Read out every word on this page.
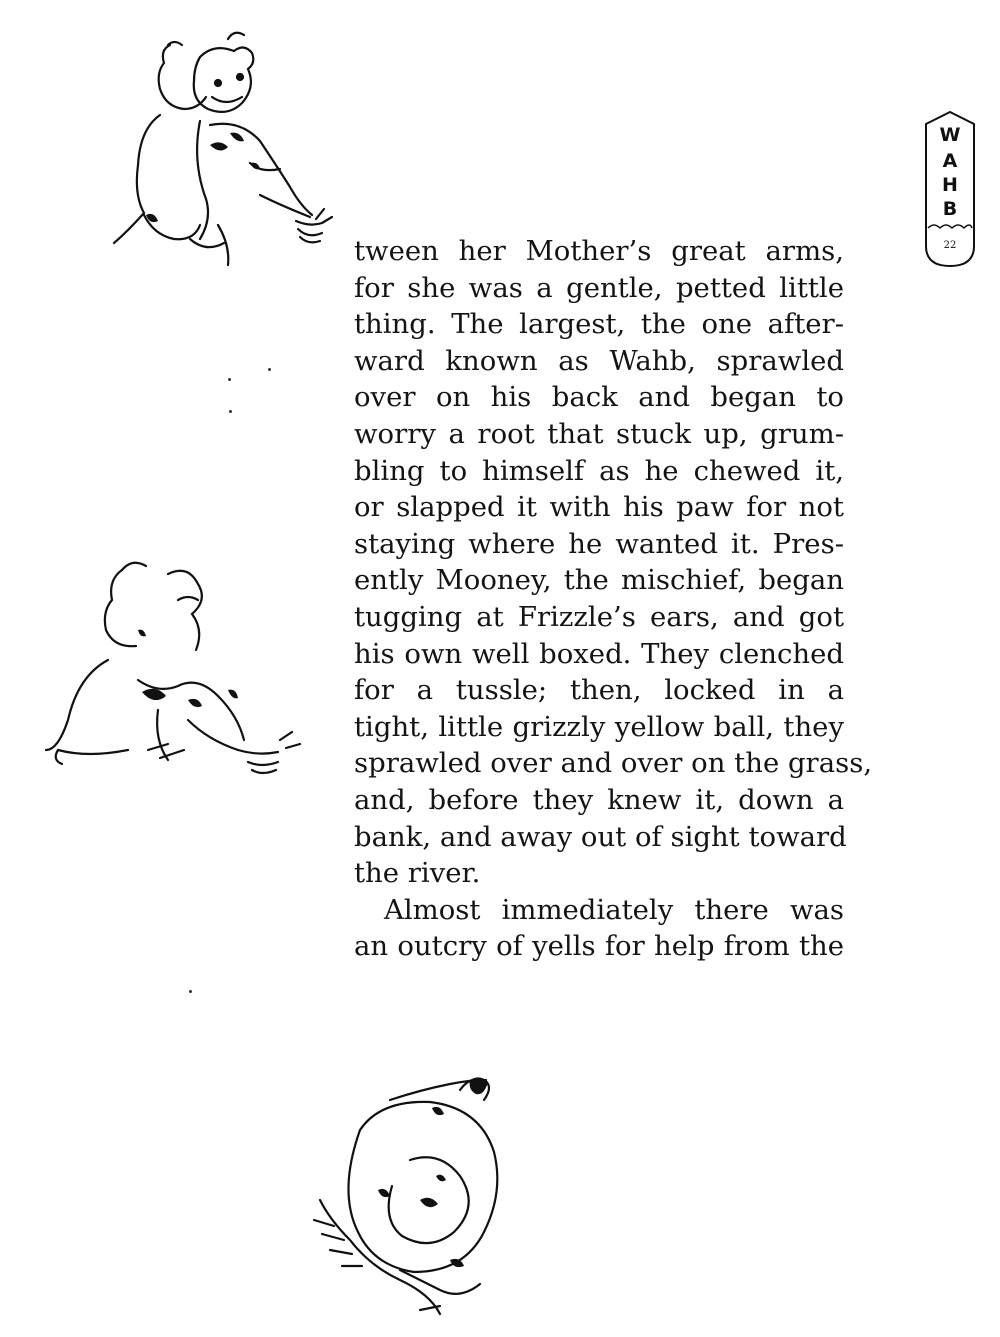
W
A
H
B
22
tween her Mother’s great arms,
for she was a gentle, petted little
thing. The largest, the one after-
ward known as Wahb, sprawled
over on his back and began to
worry a root that stuck up, grum-
bling to himself as he chewed it,
or slapped it with his paw for not
staying where he wanted it. Pres-
ently Mooney, the mischief, began
tugging at Frizzle’s ears, and got
his own well boxed. They clenched
for a tussle; then, locked in a
tight, little grizzly yellow ball, they
sprawled over and over on the grass,
and, before they knew it, down a
bank, and away out of sight toward
the river.
Almost immediately there was
an outcry of yells for help from the
